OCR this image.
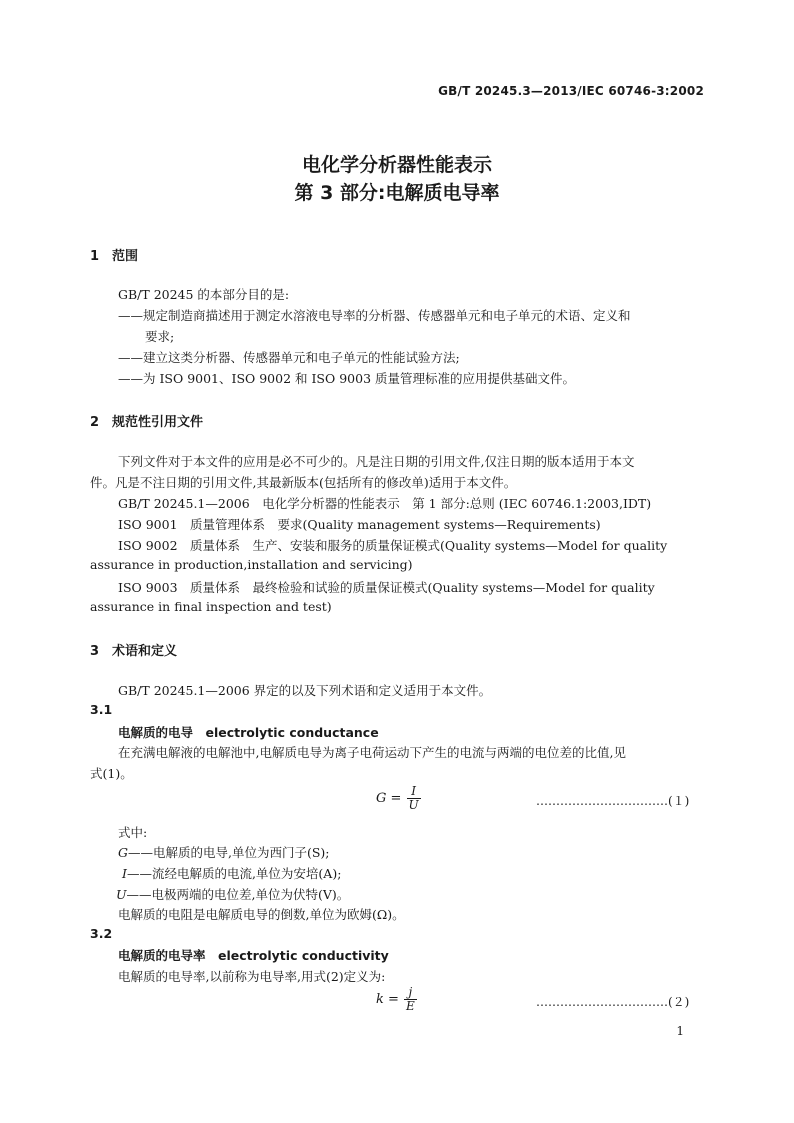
GB/T 20245.3—2013/IEC 60746-3:2002
电化学分析器性能表示
第 3 部分:电解质电导率
1 范围
GB/T 20245 的本部分目的是:
——规定制造商描述用于测定水溶液电导率的分析器、传感器单元和电子单元的术语、定义和
要求;
——建立这类分析器、传感器单元和电子单元的性能试验方法;
——为 ISO 9001、ISO 9002 和 ISO 9003 质量管理标准的应用提供基础文件。
2 规范性引用文件
下列文件对于本文件的应用是必不可少的。凡是注日期的引用文件,仅注日期的版本适用于本文
件。凡是不注日期的引用文件,其最新版本(包括所有的修改单)适用于本文件。
GB/T 20245.1—2006　电化学分析器的性能表示　第 1 部分:总则 (IEC 60746.1:2003,IDT)
ISO 9001　质量管理体系　要求(Quality management systems—Requirements)
ISO 9002　质量体系　生产、安装和服务的质量保证模式(Quality systems—Model for quality
assurance in production,installation and servicing)
ISO 9003　质量体系　最终检验和试验的质量保证模式(Quality systems—Model for quality
assurance in final inspection and test)
3 术语和定义
GB/T 20245.1—2006 界定的以及下列术语和定义适用于本文件。
3.1
电解质的电导　electrolytic conductance
在充满电解液的电解池中,电解质电导为离子电荷运动下产生的电流与两端的电位差的比值,见
式(1)。
$G = \frac{I}{U}$	……………………………(１)
式中:
G——电解质的电导,单位为西门子(S);
I——流经电解质的电流,单位为安培(A);
U——电极两端的电位差,单位为伏特(V)。
电解质的电阻是电解质电导的倒数,单位为欧姆(Ω)。
3.2
电解质的电导率　electrolytic conductivity
电解质的电导率,以前称为电导率,用式(2)定义为:
$k = \frac{j}{E}$	……………………………(２)
1
